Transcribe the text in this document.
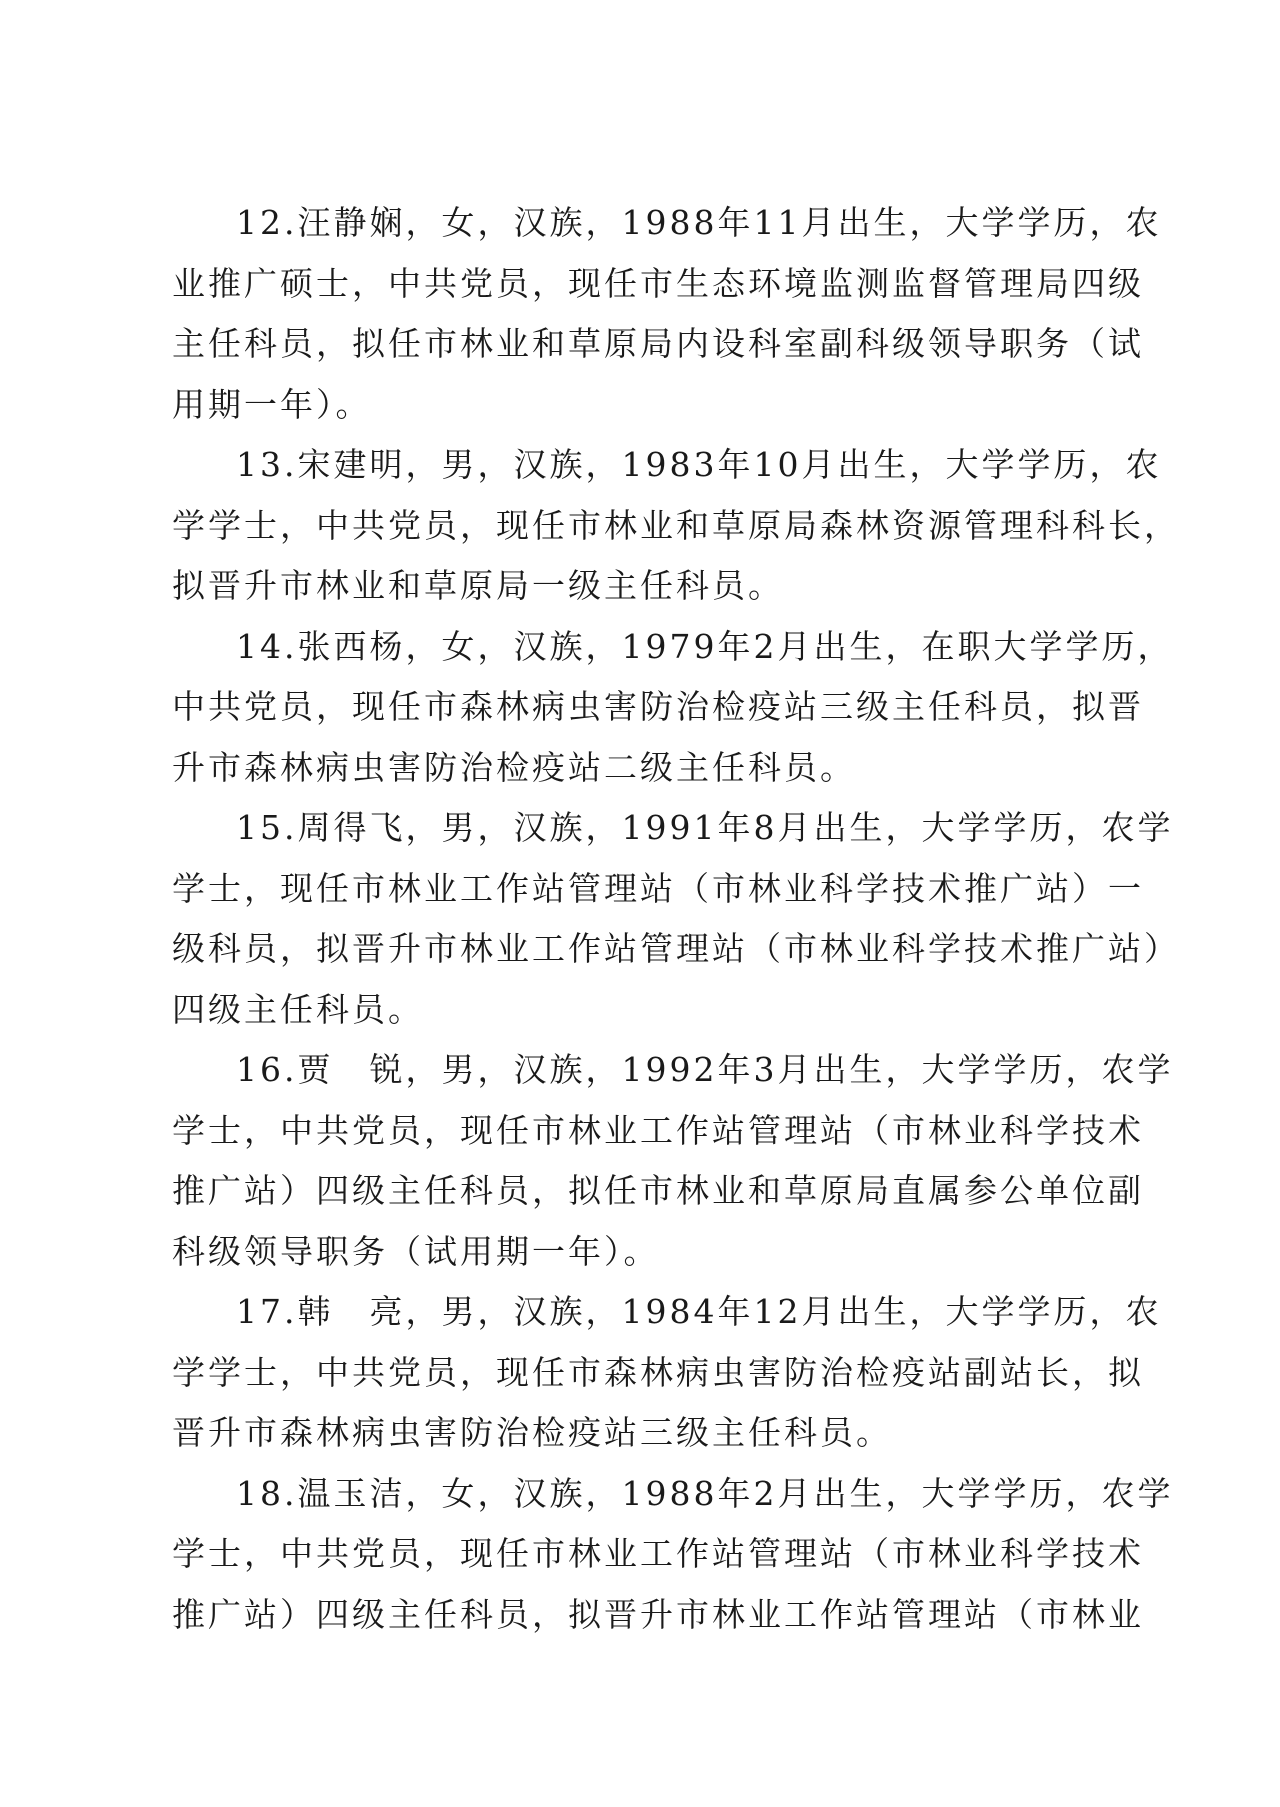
12.汪静娴，女，汉族，1988年11月出生，大学学历，农
业推广硕士，中共党员，现任市生态环境监测监督管理局四级
主任科员，拟任市林业和草原局内设科室副科级领导职务（试
用期一年）。
13.宋建明，男，汉族，1983年10月出生，大学学历，农
学学士，中共党员，现任市林业和草原局森林资源管理科科长，
拟晋升市林业和草原局一级主任科员。
14.张西杨，女，汉族，1979年2月出生，在职大学学历，
中共党员，现任市森林病虫害防治检疫站三级主任科员，拟晋
升市森林病虫害防治检疫站二级主任科员。
15.周得飞，男，汉族，1991年8月出生，大学学历，农学
学士，现任市林业工作站管理站（市林业科学技术推广站）一
级科员，拟晋升市林业工作站管理站（市林业科学技术推广站）
四级主任科员。
16.贾　锐，男，汉族，1992年3月出生，大学学历，农学
学士，中共党员，现任市林业工作站管理站（市林业科学技术
推广站）四级主任科员，拟任市林业和草原局直属参公单位副
科级领导职务（试用期一年）。
17.韩　亮，男，汉族，1984年12月出生，大学学历，农
学学士，中共党员，现任市森林病虫害防治检疫站副站长，拟
晋升市森林病虫害防治检疫站三级主任科员。
18.温玉洁，女，汉族，1988年2月出生，大学学历，农学
学士，中共党员，现任市林业工作站管理站（市林业科学技术
推广站）四级主任科员，拟晋升市林业工作站管理站（市林业
